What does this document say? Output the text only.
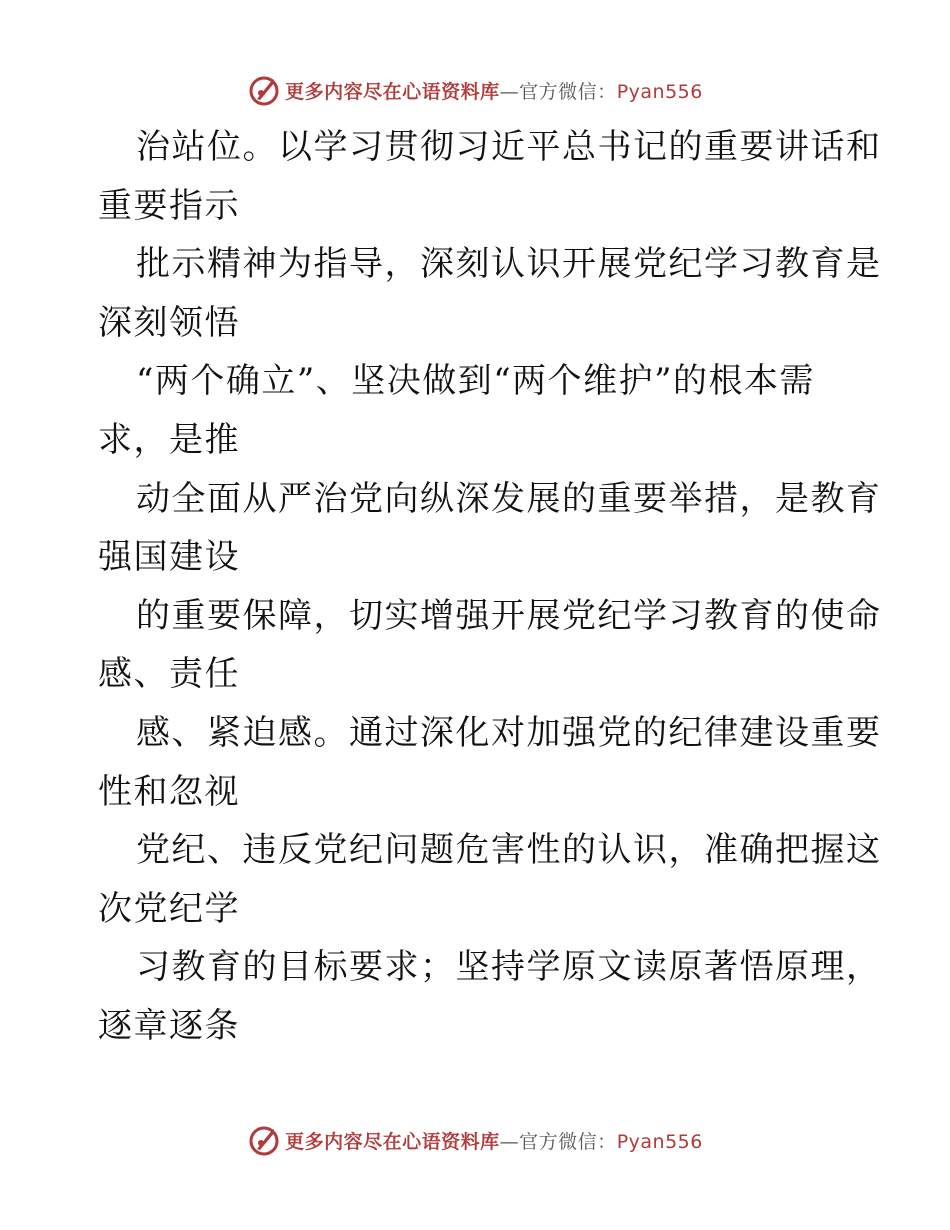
更多内容尽在心语资料库—官方微信：Pyan556
治站位。以学习贯彻习近平总书记的重要讲话和
重要指示
批示精神为指导，深刻认识开展党纪学习教育是
深刻领悟
“两个确立”、坚决做到“两个维护”的根本需
求，是推
动全面从严治党向纵深发展的重要举措，是教育
强国建设
的重要保障，切实增强开展党纪学习教育的使命
感、责任
感、紧迫感。通过深化对加强党的纪律建设重要
性和忽视
党纪、违反党纪问题危害性的认识，准确把握这
次党纪学
习教育的目标要求；坚持学原文读原著悟原理，
逐章逐条
更多内容尽在心语资料库—官方微信：Pyan556
